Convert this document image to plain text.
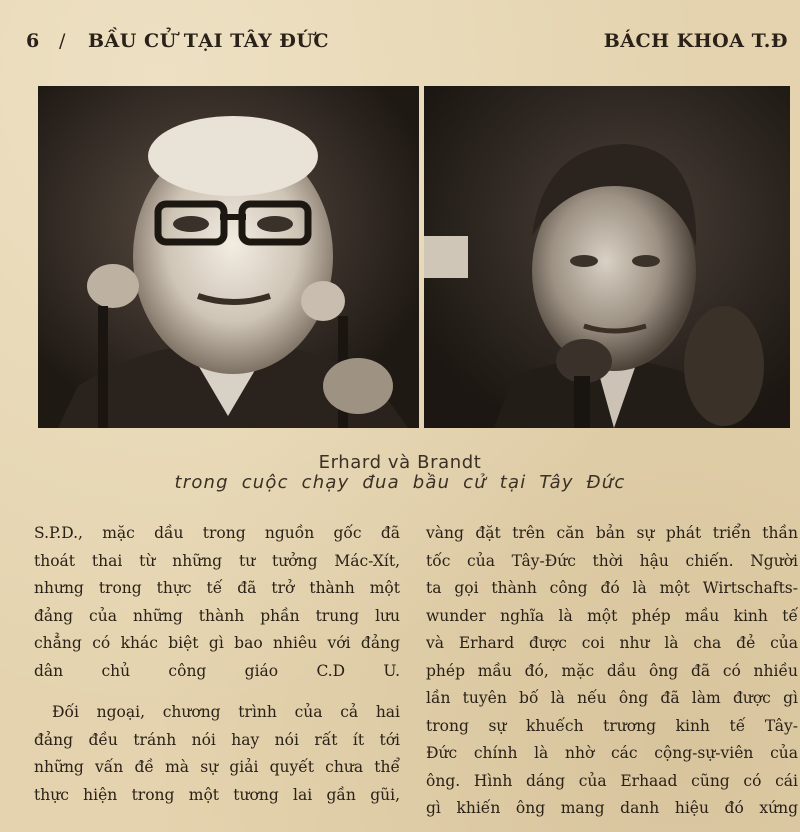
6 / BẦU CỬ TẠI TÂY ĐỨC	BÁCH KHOA T.Đ
Erhard và Brandt
trong cuộc chạy đua bầu cử tại Tây Đức

S.P.D., mặc dầu trong nguồn gốc đã
thoát thai từ những tư tưởng Mác-Xít,
nhưng trong thực tế đã trở thành một
đảng của những thành phần trung lưu
chẳng có khác biệt gì bao nhiêu với đảng
dân chủ công giáo C.D U.

Đối ngoại, chương trình của cả hai
đảng đều tránh nói hay nói rất ít tới
những vấn đề mà sự giải quyết chưa thể
thực hiện trong một tương lai gần gũi,

vàng đặt trên căn bản sự phát triển thần
tốc của Tây-Đức thời hậu chiến. Người
ta gọi thành công đó là một Wirtschafts-
wunder nghĩa là một phép mầu kinh tế
và Erhard được coi như là cha đẻ của
phép mầu đó, mặc dầu ông đã có nhiều
lần tuyên bố là nếu ông đã làm được gì
trong sự khuếch trương kinh tế Tây-
Đức chính là nhờ các cộng-sự-viên của
ông. Hình dáng của Erhaad cũng có cái
gì khiến ông mang danh hiệu đó xứng
